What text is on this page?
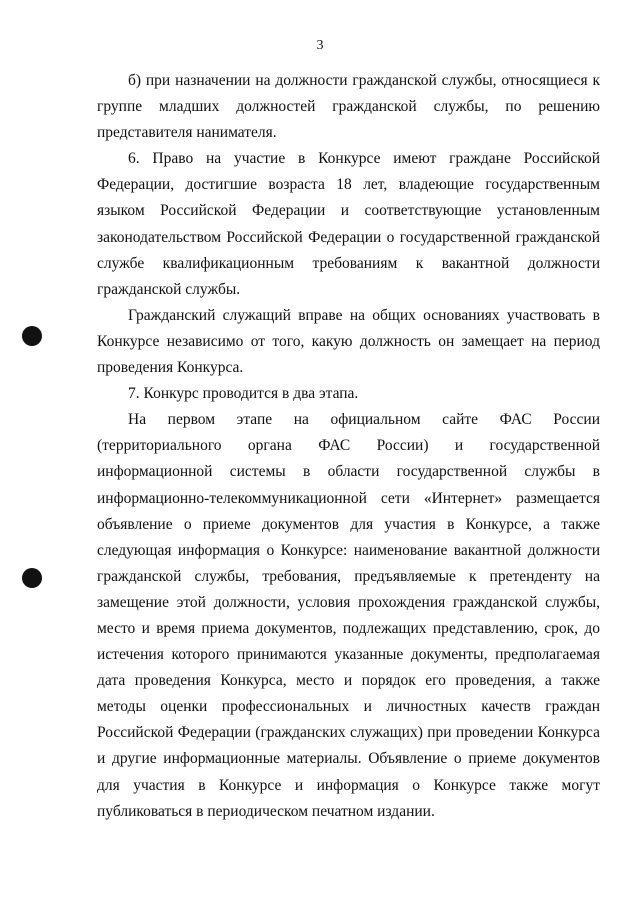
3

б) при назначении на должности гражданской службы, относящиеся к группе младших должностей гражданской службы, по решению представителя нанимателя.

6. Право на участие в Конкурсе имеют граждане Российской Федерации, достигшие возраста 18 лет, владеющие государственным языком Российской Федерации и соответствующие установленным законодательством Российской Федерации о государственной гражданской службе квалификационным требованиям к вакантной должности гражданской службы.

Гражданский служащий вправе на общих основаниях участвовать в Конкурсе независимо от того, какую должность он замещает на период проведения Конкурса.

7. Конкурс проводится в два этапа.

На первом этапе на официальном сайте ФАС России (территориального органа ФАС России) и государственной информационной системы в области государственной службы в информационно-телекоммуникационной сети «Интернет» размещается объявление о приеме документов для участия в Конкурсе, а также следующая информация о Конкурсе: наименование вакантной должности гражданской службы, требования, предъявляемые к претенденту на замещение этой должности, условия прохождения гражданской службы, место и время приема документов, подлежащих представлению, срок, до истечения которого принимаются указанные документы, предполагаемая дата проведения Конкурса, место и порядок его проведения, а также методы оценки профессиональных и личностных качеств граждан Российской Федерации (гражданских служащих) при проведении Конкурса и другие информационные материалы. Объявление о приеме документов для участия в Конкурсе и информация о Конкурсе также могут публиковаться в периодическом печатном издании.
